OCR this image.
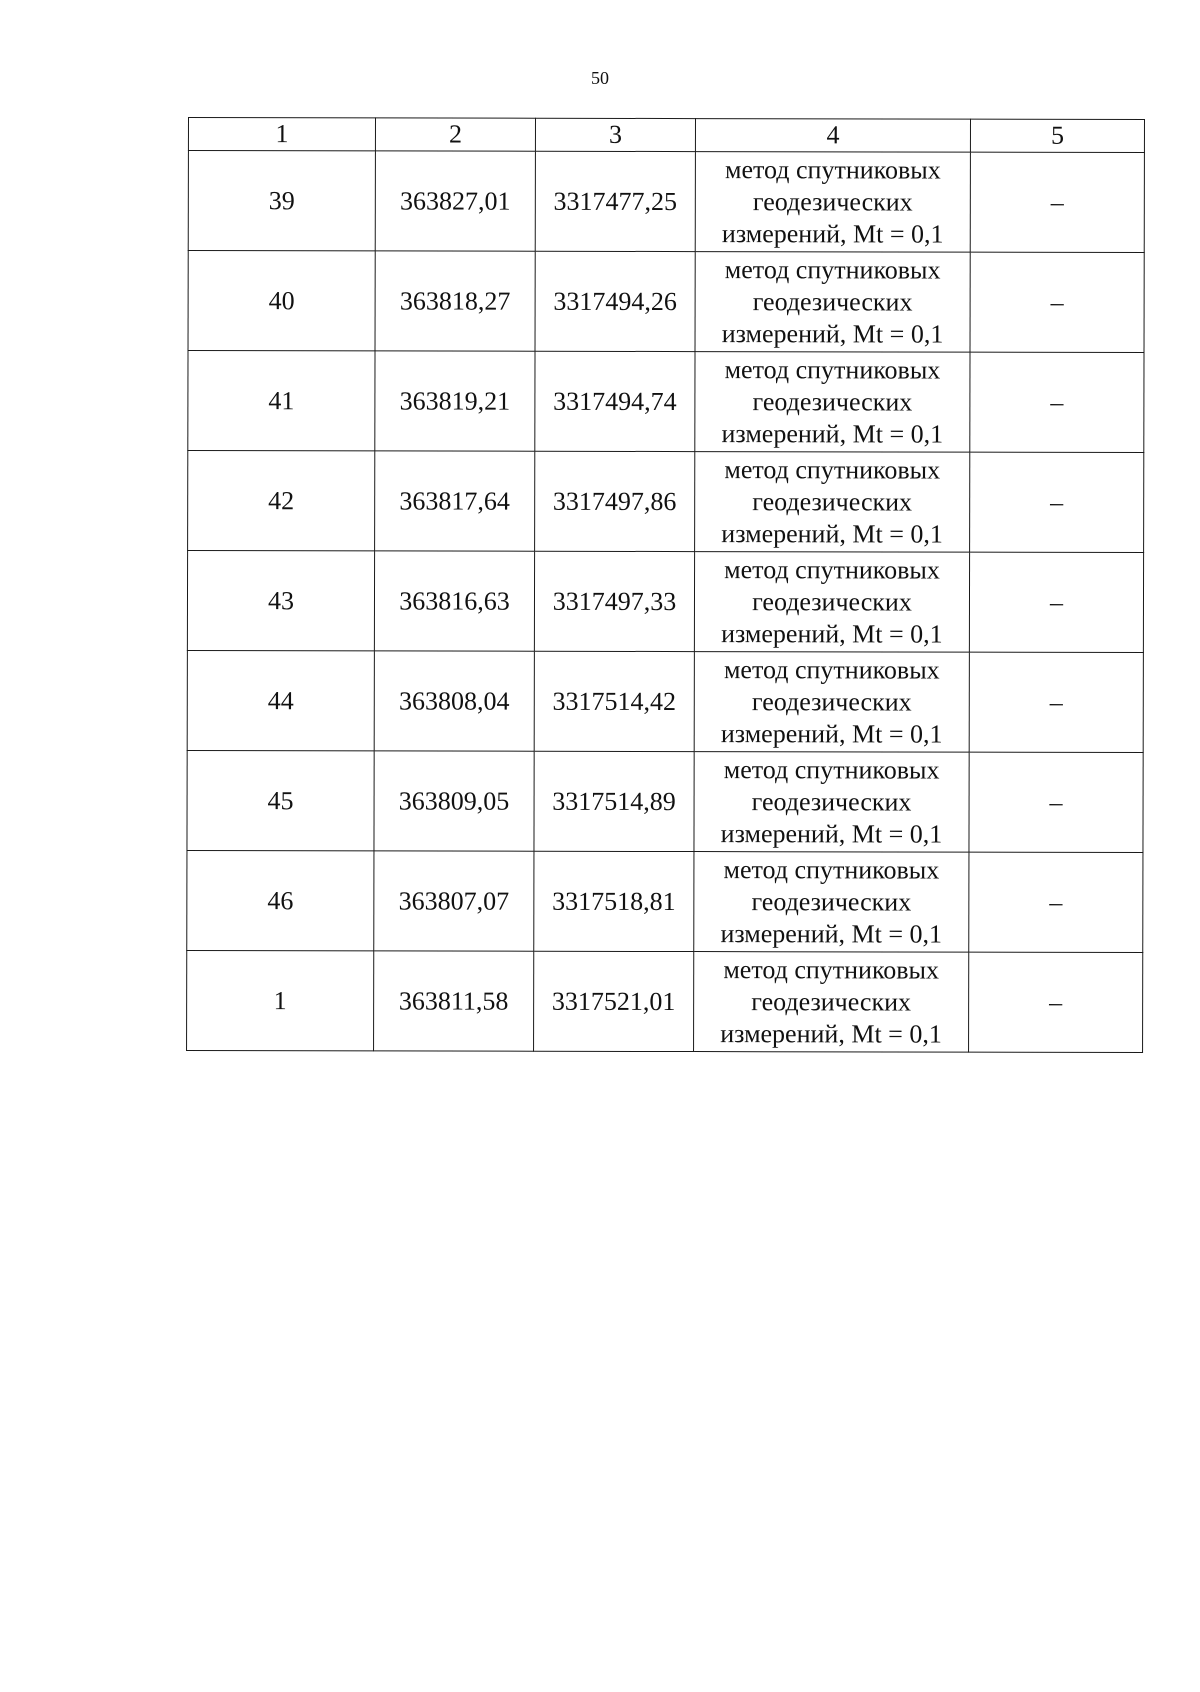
50
1	2	3	4	5
39	363827,01	3317477,25	метод спутниковых
геодезических
измерений, Mt = 0,1	–
40	363818,27	3317494,26	метод спутниковых
геодезических
измерений, Mt = 0,1	–
41	363819,21	3317494,74	метод спутниковых
геодезических
измерений, Mt = 0,1	–
42	363817,64	3317497,86	метод спутниковых
геодезических
измерений, Mt = 0,1	–
43	363816,63	3317497,33	метод спутниковых
геодезических
измерений, Mt = 0,1	–
44	363808,04	3317514,42	метод спутниковых
геодезических
измерений, Mt = 0,1	–
45	363809,05	3317514,89	метод спутниковых
геодезических
измерений, Mt = 0,1	–
46	363807,07	3317518,81	метод спутниковых
геодезических
измерений, Mt = 0,1	–
1	363811,58	3317521,01	метод спутниковых
геодезических
измерений, Mt = 0,1	–
